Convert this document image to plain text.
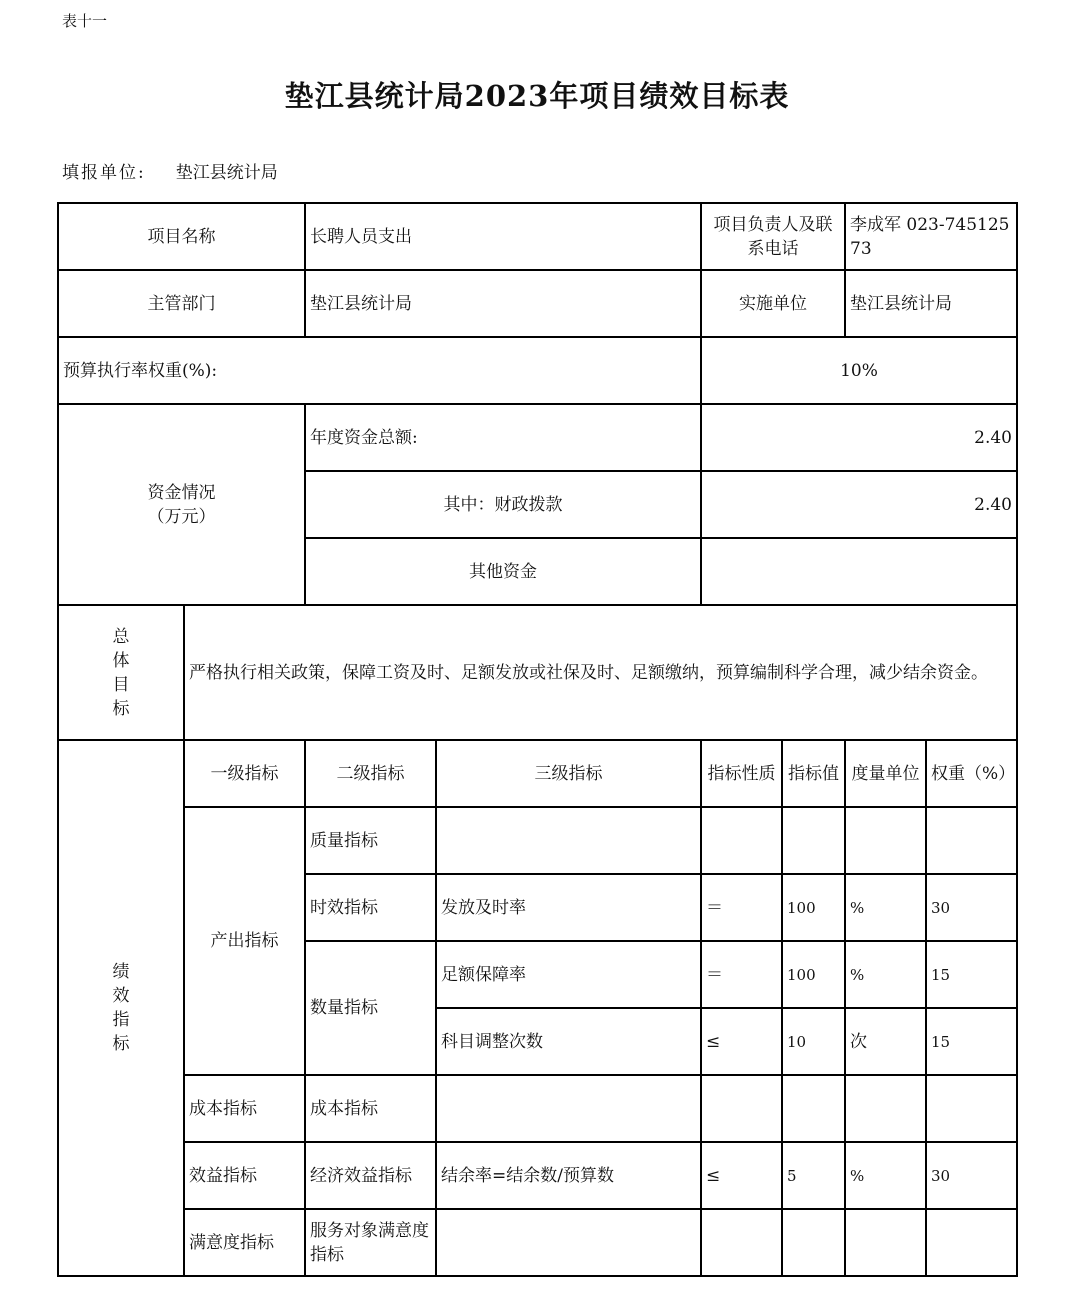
表十一
垫江县统计局2023年项目绩效目标表
填报单位: 垫江县统计局
项目名称		长聘人员支出		项目负责人及联系电话		李成军 023-74512573	
主管部门		垫江县统计局		实施单位		垫江县统计局	
预算执行率权重(%):				10%			

资金情况
（万元）		年度资金总额:		2.40			
		其中：财政拨款		2.40			
		其他资金					

总
体
目
标	严格执行相关政策，保障工资及时、足额发放或社保及时、足额缴纳，预算编制科学合理，减少结余资金。						

绩
效
指
标	一级指标	二级指标	三级指标	指标性质	指标值	度量单位	权重（%）
	产出指标	质量指标					
		时效指标	发放及时率	＝	100	%	30
		数量指标	足额保障率	＝	100	%	15
			科目调整次数	≤	10	次	15
	成本指标	成本指标					
	效益指标	经济效益指标	结余率=结余数/预算数	≤	5	%	30
	满意度指标	服务对象满意度指标					
